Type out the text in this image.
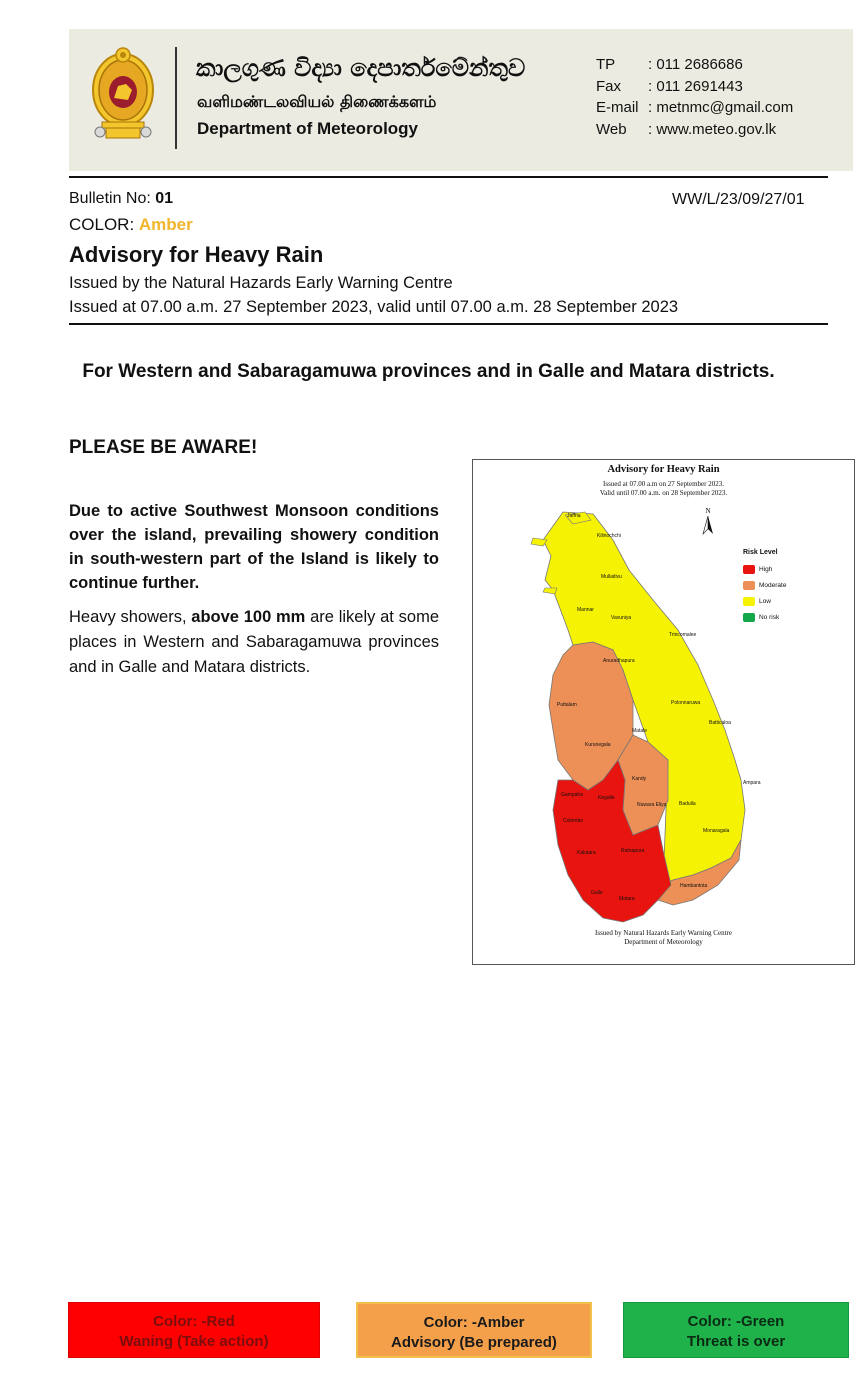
කාලගුණ විද්‍යා දෙපාර්තමේන්තුව
வளிமண்டலவியல் திணைக்களம்
Department of Meteorology
TP : 011 2686686
Fax : 011 2691443
E-mail : metnmc@gmail.com
Web : www.meteo.gov.lk
Bulletin No: 01	WW/L/23/09/27/01
COLOR: Amber
Advisory for Heavy Rain
Issued by the Natural Hazards Early Warning Centre
Issued at 07.00 a.m. 27 September 2023, valid until 07.00 a.m. 28 September 2023
For Western and Sabaragamuwa provinces and in Galle and Matara districts.
PLEASE BE AWARE!
Due to active Southwest Monsoon conditions over the island, prevailing showery condition in south-western part of the Island is likely to continue further.
Heavy showers, above 100 mm are likely at some places in Western and Sabaragamuwa provinces and in Galle and Matara districts.
Advisory for Heavy Rain
Issued at 07.00 a.m on 27 September 2023.
Valid until 07.00 a.m. on 28 September 2023.
N
Jaffna
Kilinochchi
Mullaitivu
Mannar
Vavuniya
Trincomalee
Anuradhapura
Puttalam	Polonnaruwa
Batticaloa
Kurunegala
Matale
Kandy
Ampara
Gampaha	Kegalle
Nuwara Eliya	Badulla
Colombo
Monaragala
Kalutara	Ratnapura
Hambantota
Galle
Matara
Risk Level
High
Moderate
Low
No risk
Issued by Natural Hazards Early Warning Centre
Department of Meteorology
Color: -Red
Waning (Take action)
Color: -Amber
Advisory (Be prepared)
Color: -Green
Threat is over
